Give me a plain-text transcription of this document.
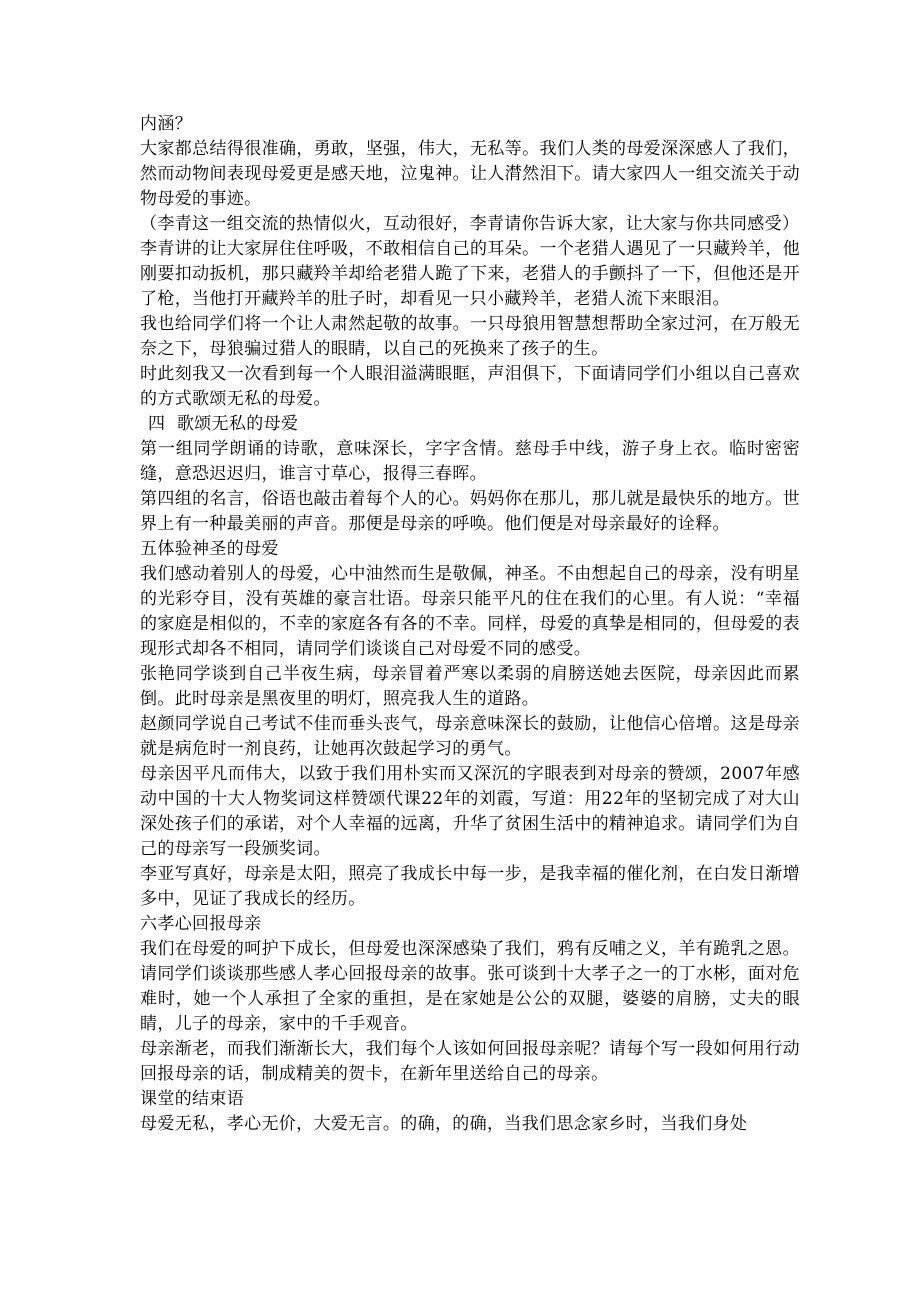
内涵？

大家都总结得很准确，勇敢，坚强，伟大，无私等。我们人类的母爱深深感人了我们，然而动物间表现母爱更是感天地，泣鬼神。让人潸然泪下。请大家四人一组交流关于动物母爱的事迹。

（李青这一组交流的热情似火，互动很好，李青请你告诉大家，让大家与你共同感受）

李青讲的让大家屏住住呼吸，不敢相信自己的耳朵。一个老猎人遇见了一只藏羚羊，他刚要扣动扳机，那只藏羚羊却给老猎人跪了下来，老猎人的手颤抖了一下，但他还是开了枪，当他打开藏羚羊的肚子时，却看见一只小藏羚羊，老猎人流下来眼泪。

我也给同学们将一个让人肃然起敬的故事。一只母狼用智慧想帮助全家过河，在万般无奈之下，母狼骗过猎人的眼睛，以自己的死换来了孩子的生。

时此刻我又一次看到每一个人眼泪溢满眼眶，声泪俱下，下面请同学们小组以自己喜欢的方式歌颂无私的母爱。

四  歌颂无私的母爱

第一组同学朗诵的诗歌，意味深长，字字含情。慈母手中线，游子身上衣。临时密密缝，意恐迟迟归，谁言寸草心，报得三春晖。

第四组的名言，俗语也敲击着每个人的心。妈妈你在那儿，那儿就是最快乐的地方。世界上有一种最美丽的声音。那便是母亲的呼唤。他们便是对母亲最好的诠释。

五体验神圣的母爱

我们感动着别人的母爱，心中油然而生是敬佩，神圣。不由想起自己的母亲，没有明星的光彩夺目，没有英雄的豪言壮语。母亲只能平凡的住在我们的心里。有人说：“幸福的家庭是相似的，不幸的家庭各有各的不幸。同样，母爱的真挚是相同的，但母爱的表现形式却各不相同，请同学们谈谈自己对母爱不同的感受。

张艳同学谈到自己半夜生病，母亲冒着严寒以柔弱的肩膀送她去医院，母亲因此而累倒。此时母亲是黑夜里的明灯，照亮我人生的道路。

赵颜同学说自己考试不佳而垂头丧气，母亲意味深长的鼓励，让他信心倍增。这是母亲就是病危时一剂良药，让她再次鼓起学习的勇气。

母亲因平凡而伟大，以致于我们用朴实而又深沉的字眼表到对母亲的赞颂，2007年感动中国的十大人物奖词这样赞颂代课22年的刘霞，写道：用22年的坚韧完成了对大山深处孩子们的承诺，对个人幸福的远离，升华了贫困生活中的精神追求。请同学们为自己的母亲写一段颁奖词。

李亚写真好，母亲是太阳，照亮了我成长中每一步，是我幸福的催化剂，在白发日渐增多中，见证了我成长的经历。

六孝心回报母亲

我们在母爱的呵护下成长，但母爱也深深感染了我们，鸦有反哺之义，羊有跪乳之恩。请同学们谈谈那些感人孝心回报母亲的故事。张可谈到十大孝子之一的丁水彬，面对危难时，她一个人承担了全家的重担，是在家她是公公的双腿，婆婆的肩膀，丈夫的眼睛，儿子的母亲，家中的千手观音。

母亲渐老，而我们渐渐长大，我们每个人该如何回报母亲呢？请每个写一段如何用行动回报母亲的话，制成精美的贺卡，在新年里送给自己的母亲。

课堂的结束语

母爱无私，孝心无价，大爱无言。的确，的确，当我们思念家乡时，当我们身处
